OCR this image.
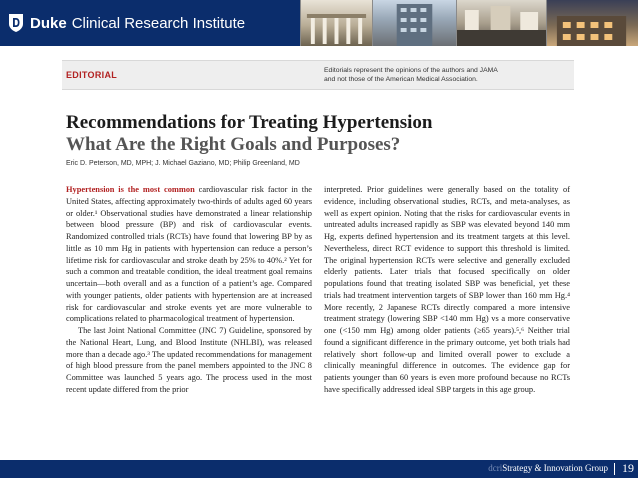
Duke Clinical Research Institute
EDITORIAL	Editorials represent the opinions of the authors and JAMA
and not those of the American Medical Association.
Recommendations for Treating Hypertension
What Are the Right Goals and Purposes?
Eric D. Peterson, MD, MPH; J. Michael Gaziano, MD; Philip Greenland, MD

Hypertension is the most common cardiovascular risk factor in the United States, affecting approximately two-thirds of adults aged 60 years or older.¹ Observational studies have demonstrated a linear relationship between blood pressure (BP) and risk of cardiovascular events. Randomized controlled trials (RCTs) have found that lowering BP by as little as 10 mm Hg in patients with hypertension can reduce a person’s lifetime risk for cardiovascular and stroke death by 25% to 40%.² Yet for such a common and treatable condition, the ideal treatment goal remains uncertain—both overall and as a function of a patient’s age. Compared with younger patients, older patients with hypertension are at increased risk for cardiovascular and stroke events yet are more vulnerable to complications related to pharmacological treatment of hypertension.

The last Joint National Committee (JNC 7) Guideline, sponsored by the National Heart, Lung, and Blood Institute (NHLBI), was released more than a decade ago.³ The updated recommendations for management of high blood pressure from the panel members appointed to the JNC 8 Committee was launched 5 years ago. The process used in the most recent update differed from the prior

interpreted. Prior guidelines were generally based on the totality of evidence, including observational studies, RCTs, and meta-analyses, as well as expert opinion. Noting that the risks for cardiovascular events in untreated adults increased rapidly as SBP was elevated beyond 140 mm Hg, experts defined hypertension and its treatment targets at this level. Nevertheless, direct RCT evidence to support this threshold is limited. The original hypertension RCTs were selective and generally excluded elderly patients. Later trials that focused specifically on older populations found that treating isolated SBP was beneficial, yet these trials had treatment intervention targets of SBP lower than 160 mm Hg.⁴ More recently, 2 Japanese RCTs directly compared a more intensive treatment strategy (lowering SBP <140 mm Hg) vs a more conservative one (<150 mm Hg) among older patients (≥65 years).⁵,⁶ Neither trial found a significant difference in the primary outcome, yet both trials had relatively short follow-up and limited overall power to exclude a clinically meaningful difference in outcomes. The evidence gap for patients younger than 60 years is even more profound because no RCTs have specifically addressed ideal SBP targets in this age group.

dcriStrategy & Innovation Group 19
